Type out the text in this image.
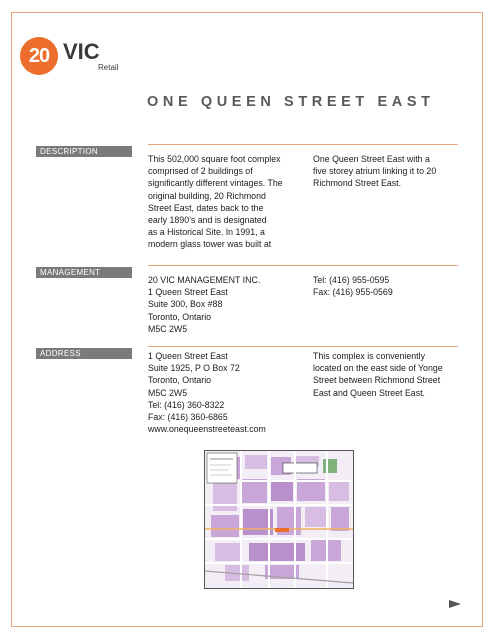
20 VIC
Retail
ONE QUEEN STREET EAST
DESCRIPTION
This 502,000 square foot complex
comprised of 2 buildings of
significantly different vintages. The
original building, 20 Richmond
Street East, dates back to the
early 1890’s and is designated
as a Historical Site. In 1991, a
modern glass tower was built at
One Queen Street East with a
five storey atrium linking it to 20
Richmond Street East.
MANAGEMENT
20 VIC MANAGEMENT INC.
1 Queen Street East
Suite 300, Box #88
Toronto, Ontario
M5C 2W5
Tel: (416) 955-0595
Fax: (416) 955-0569
ADDRESS	1 Queen Street East
Suite 1925, P O Box 72
Toronto, Ontario
M5C 2W5
Tel: (416) 360-8322
Fax: (416) 360-6865
www.onequeenstreeteast.com
This complex is conveniently
located on the east side of Yonge
Street between Richmond Street
East and Queen Street East.
